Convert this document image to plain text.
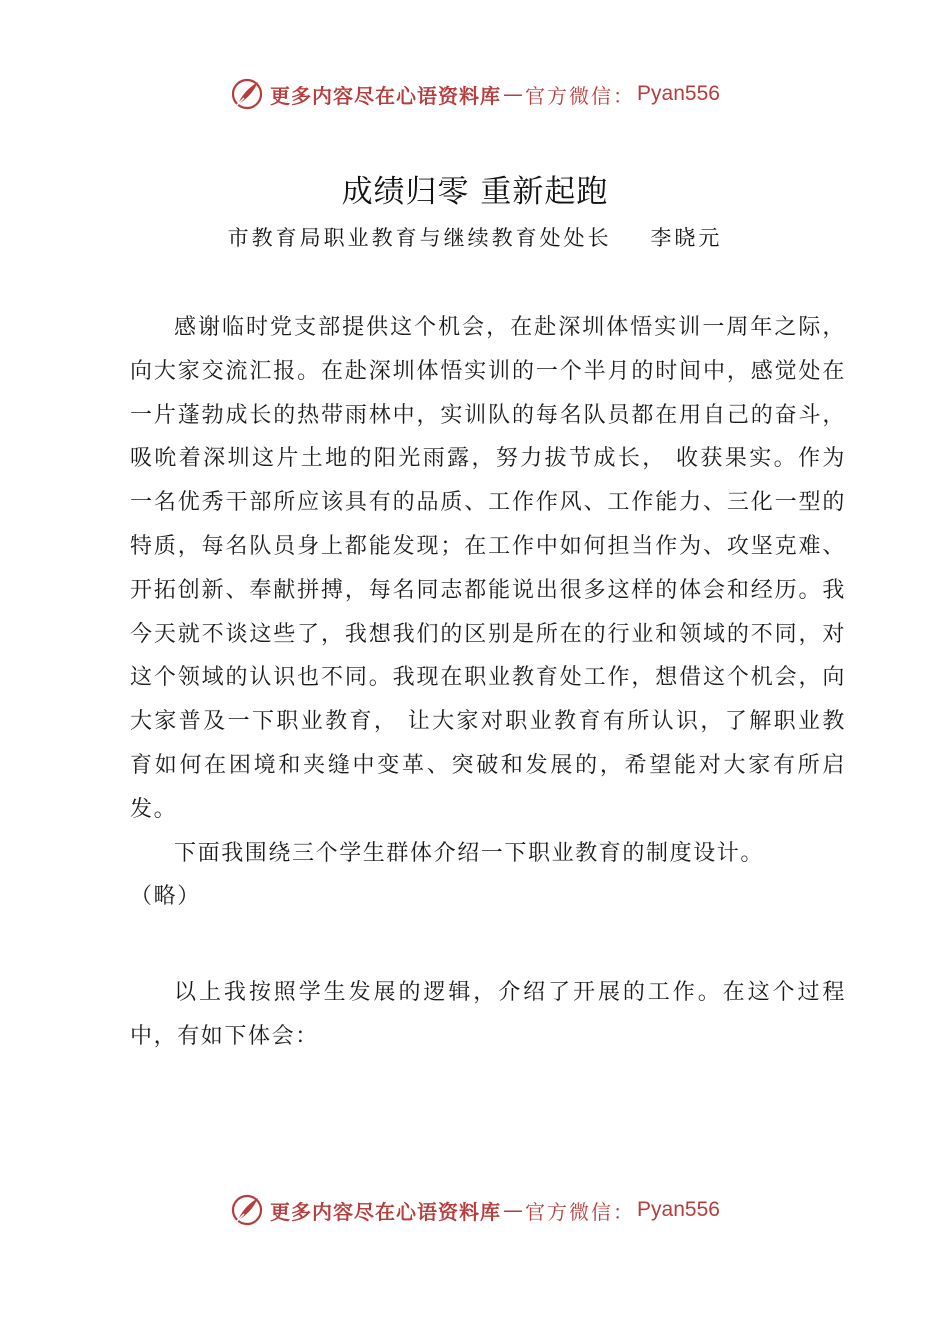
更多内容尽在心语资料库 — 官方微信： Pyan556
成绩归零 重新起跑
市教育局职业教育与继续教育处处长    李晓元

感谢临时党支部提供这个机会，在赴深圳体悟实训一周年之际，向大家交流汇报。在赴深圳体悟实训的一个半月的时间中，感觉处在一片蓬勃成长的热带雨林中，实训队的每名队员都在用自己的奋斗，吸吮着深圳这片土地的阳光雨露，努力拔节成长， 收获果实。作为一名优秀干部所应该具有的品质、工作作风、工作能力、三化一型的特质，每名队员身上都能发现；在工作中如何担当作为、攻坚克难、开拓创新、奉献拼搏，每名同志都能说出很多这样的体会和经历。我今天就不谈这些了，我想我们的区别是所在的行业和领域的不同，对这个领域的认识也不同。我现在职业教育处工作，想借这个机会，向大家普及一下职业教育， 让大家对职业教育有所认识，了解职业教育如何在困境和夹缝中变革、突破和发展的，希望能对大家有所启发。

下面我围绕三个学生群体介绍一下职业教育的制度设计。

（略）

以上我按照学生发展的逻辑，介绍了开展的工作。在这个过程中，有如下体会：

更多内容尽在心语资料库 — 官方微信： Pyan556
